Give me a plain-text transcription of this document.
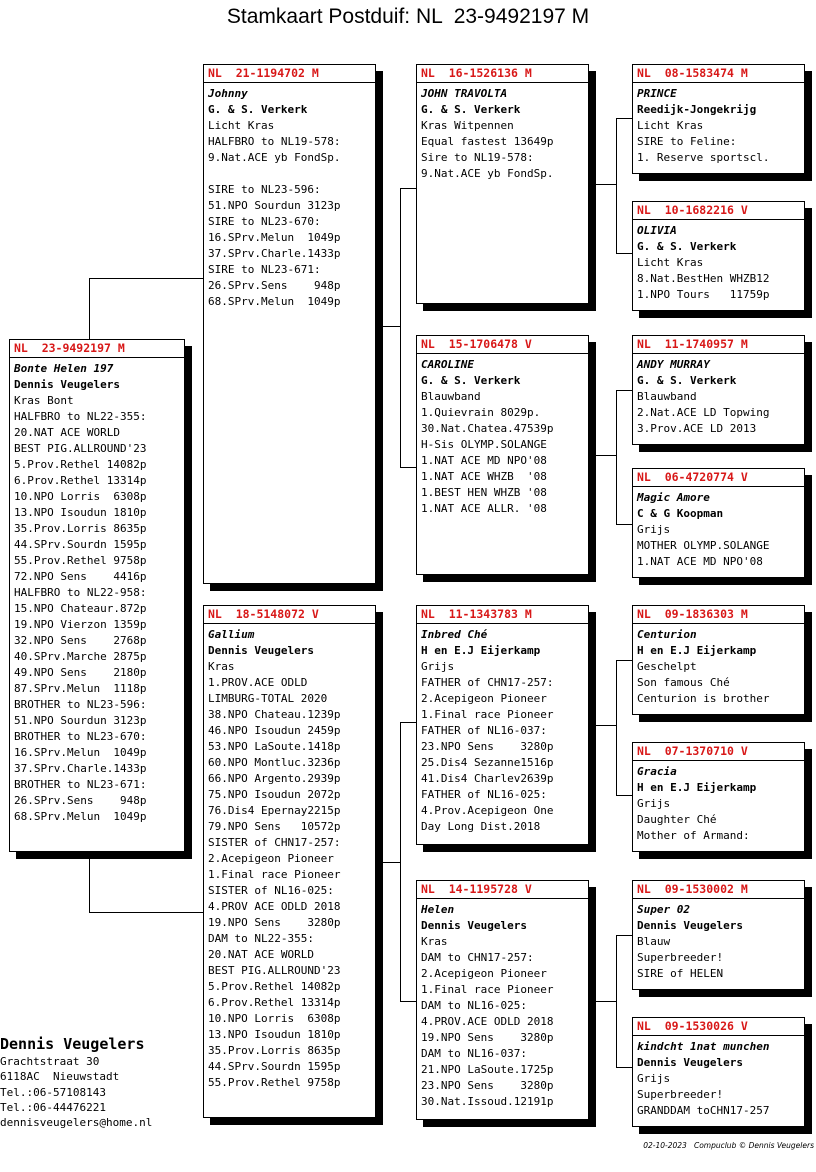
Stamkaart Postduif: NL  23-9492197 M
NL  23-9492197 M
Bonte Helen 197
Dennis Veugelers
Kras Bont
HALFBRO to NL22-355:
20.NAT ACE WORLD
BEST PIG.ALLROUND'23
5.Prov.Rethel 14082p
6.Prov.Rethel 13314p
10.NPO Lorris  6308p
13.NPO Isoudun 1810p
35.Prov.Lorris 8635p
44.SPrv.Sourdn 1595p
55.Prov.Rethel 9758p
72.NPO Sens    4416p
HALFBRO to NL22-958:
15.NPO Chateaur.872p
19.NPO Vierzon 1359p
32.NPO Sens    2768p
40.SPrv.Marche 2875p
49.NPO Sens    2180p
87.SPrv.Melun  1118p
BROTHER to NL23-596:
51.NPO Sourdun 3123p
BROTHER to NL23-670:
16.SPrv.Melun  1049p
37.SPrv.Charle.1433p
BROTHER to NL23-671:
26.SPrv.Sens    948p
68.SPrv.Melun  1049p
NL  21-1194702 M
Johnny
G. & S. Verkerk
Licht Kras
HALFBRO to NL19-578:
9.Nat.ACE yb FondSp.

SIRE to NL23-596:
51.NPO Sourdun 3123p
SIRE to NL23-670:
16.SPrv.Melun  1049p
37.SPrv.Charle.1433p
SIRE to NL23-671:
26.SPrv.Sens    948p
68.SPrv.Melun  1049p
NL  18-5148072 V
Gallium
Dennis Veugelers
Kras
1.PROV.ACE ODLD
LIMBURG-TOTAL 2020
38.NPO Chateau.1239p
46.NPO Isoudun 2459p
53.NPO LaSoute.1418p
60.NPO Montluc.3236p
66.NPO Argento.2939p
75.NPO Isoudun 2072p
76.Dis4 Epernay2215p
79.NPO Sens   10572p
SISTER of CHN17-257:
2.Acepigeon Pioneer
1.Final race Pioneer
SISTER of NL16-025:
4.PROV ACE ODLD 2018
19.NPO Sens    3280p
DAM to NL22-355:
20.NAT ACE WORLD
BEST PIG.ALLROUND'23
5.Prov.Rethel 14082p
6.Prov.Rethel 13314p
10.NPO Lorris  6308p
13.NPO Isoudun 1810p
35.Prov.Lorris 8635p
44.SPrv.Sourdn 1595p
55.Prov.Rethel 9758p
NL  16-1526136 M
JOHN TRAVOLTA
G. & S. Verkerk
Kras Witpennen
Equal fastest 13649p
Sire to NL19-578:
9.Nat.ACE yb FondSp.
NL  15-1706478 V
CAROLINE
G. & S. Verkerk
Blauwband
1.Quievrain 8029p.
30.Nat.Chatea.47539p
H-Sis OLYMP.SOLANGE
1.NAT ACE MD NPO'08
1.NAT ACE WHZB  '08
1.BEST HEN WHZB '08
1.NAT ACE ALLR. '08
NL  11-1343783 M
Inbred Ché
H en E.J Eijerkamp
Grijs
FATHER of CHN17-257:
2.Acepigeon Pioneer
1.Final race Pioneer
FATHER of NL16-037:
23.NPO Sens    3280p
25.Dis4 Sezanne1516p
41.Dis4 Charlev2639p
FATHER of NL16-025:
4.Prov.Acepigeon One
Day Long Dist.2018
NL  14-1195728 V
Helen
Dennis Veugelers
Kras
DAM to CHN17-257:
2.Acepigeon Pioneer
1.Final race Pioneer
DAM to NL16-025:
4.PROV.ACE ODLD 2018
19.NPO Sens    3280p
DAM to NL16-037:
21.NPO LaSoute.1725p
23.NPO Sens    3280p
30.Nat.Issoud.12191p
NL  08-1583474 M
PRINCE
Reedijk-Jongekrijg
Licht Kras
SIRE to Feline:
1. Reserve sportscl.
NL  10-1682216 V
OLIVIA
G. & S. Verkerk
Licht Kras
8.Nat.BestHen WHZB12
1.NPO Tours   11759p
NL  11-1740957 M
ANDY MURRAY
G. & S. Verkerk
Blauwband
2.Nat.ACE LD Topwing
3.Prov.ACE LD 2013
NL  06-4720774 V
Magic Amore
C & G Koopman
Grijs
MOTHER OLYMP.SOLANGE
1.NAT ACE MD NPO'08
NL  09-1836303 M
Centurion
H en E.J Eijerkamp
Geschelpt
Son famous Ché
Centurion is brother
NL  07-1370710 V
Gracia
H en E.J Eijerkamp
Grijs
Daughter Ché
Mother of Armand:
NL  09-1530002 M
Super 02
Dennis Veugelers
Blauw
Superbreeder!
SIRE of HELEN
NL  09-1530026 V
kindcht 1nat munchen
Dennis Veugelers
Grijs
Superbreeder!
GRANDDAM toCHN17-257
Dennis Veugelers
Grachtstraat 30
6118AC  Nieuwstadt
Tel.:06-57108143
Tel.:06-44476221
dennisveugelers@home.nl
02-10-2023   Compuclub © Dennis Veugelers
